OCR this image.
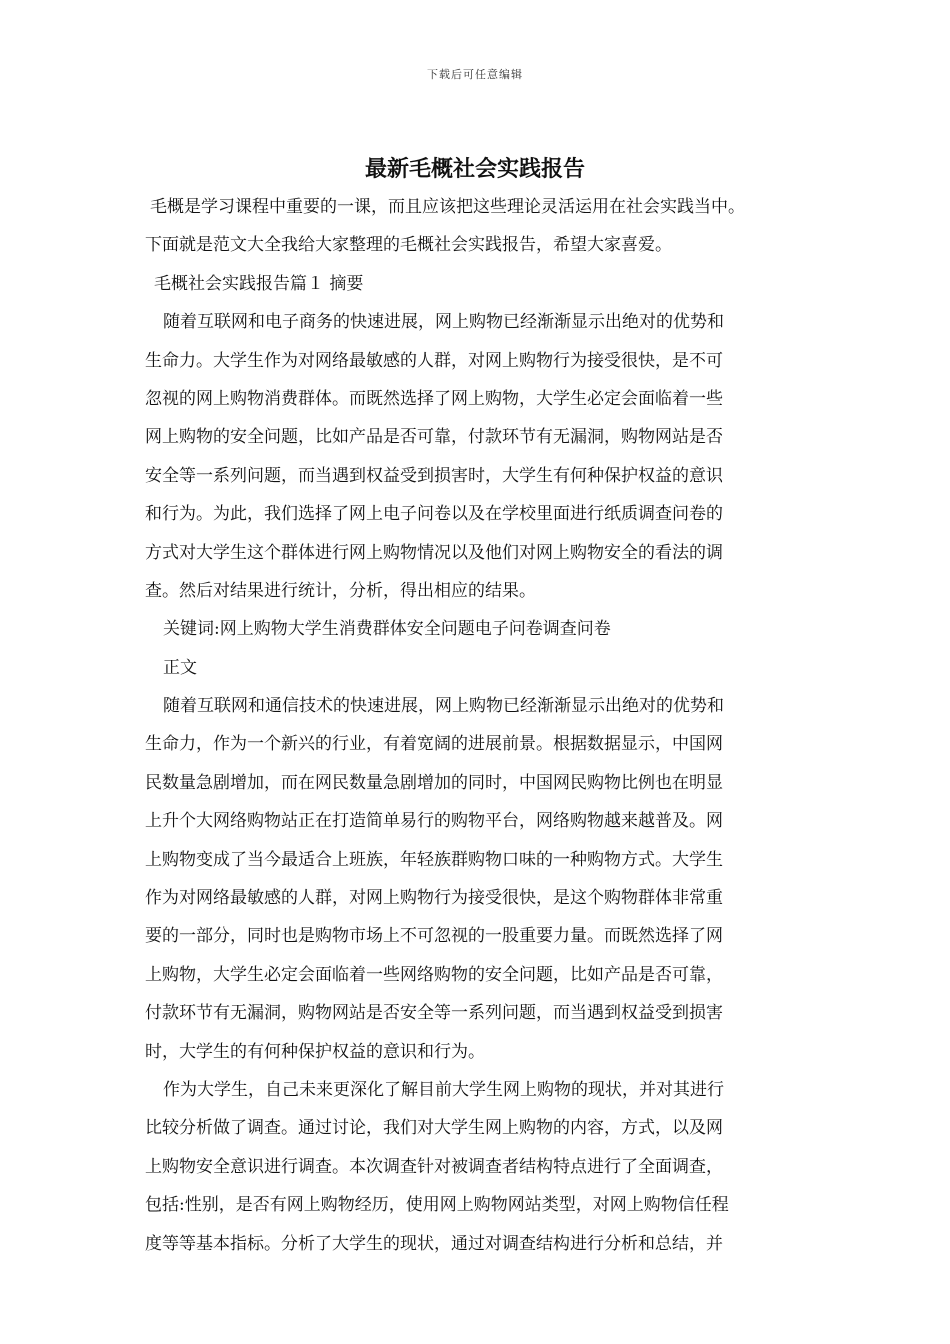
下载后可任意编辑
最新毛概社会实践报告
毛概是学习课程中重要的一课，而且应该把这些理论灵活运用在社会实践当中。
下面就是范文大全我给大家整理的毛概社会实践报告，希望大家喜爱。
毛概社会实践报告篇１ 摘要
随着互联网和电子商务的快速进展，网上购物已经渐渐显示出绝对的优势和
生命力。大学生作为对网络最敏感的人群，对网上购物行为接受很快，是不可
忽视的网上购物消费群体。而既然选择了网上购物，大学生必定会面临着一些
网上购物的安全问题，比如产品是否可靠，付款环节有无漏洞，购物网站是否
安全等一系列问题，而当遇到权益受到损害时，大学生有何种保护权益的意识
和行为。为此，我们选择了网上电子问卷以及在学校里面进行纸质调查问卷的
方式对大学生这个群体进行网上购物情况以及他们对网上购物安全的看法的调
查。然后对结果进行统计，分析，得出相应的结果。
关键词:网上购物大学生消费群体安全问题电子问卷调查问卷
正文
随着互联网和通信技术的快速进展，网上购物已经渐渐显示出绝对的优势和
生命力，作为一个新兴的行业，有着宽阔的进展前景。根据数据显示，中国网
民数量急剧增加，而在网民数量急剧增加的同时，中国网民购物比例也在明显
上升个大网络购物站正在打造简单易行的购物平台，网络购物越来越普及。网
上购物变成了当今最适合上班族，年轻族群购物口味的一种购物方式。大学生
作为对网络最敏感的人群，对网上购物行为接受很快，是这个购物群体非常重
要的一部分，同时也是购物市场上不可忽视的一股重要力量。而既然选择了网
上购物，大学生必定会面临着一些网络购物的安全问题，比如产品是否可靠，
付款环节有无漏洞，购物网站是否安全等一系列问题，而当遇到权益受到损害
时，大学生的有何种保护权益的意识和行为。
作为大学生，自己未来更深化了解目前大学生网上购物的现状，并对其进行
比较分析做了调查。通过讨论，我们对大学生网上购物的内容，方式，以及网
上购物安全意识进行调查。本次调查针对被调查者结构特点进行了全面调查，
包括:性别，是否有网上购物经历，使用网上购物网站类型，对网上购物信任程
度等等基本指标。分析了大学生的现状，通过对调查结构进行分析和总结，并
